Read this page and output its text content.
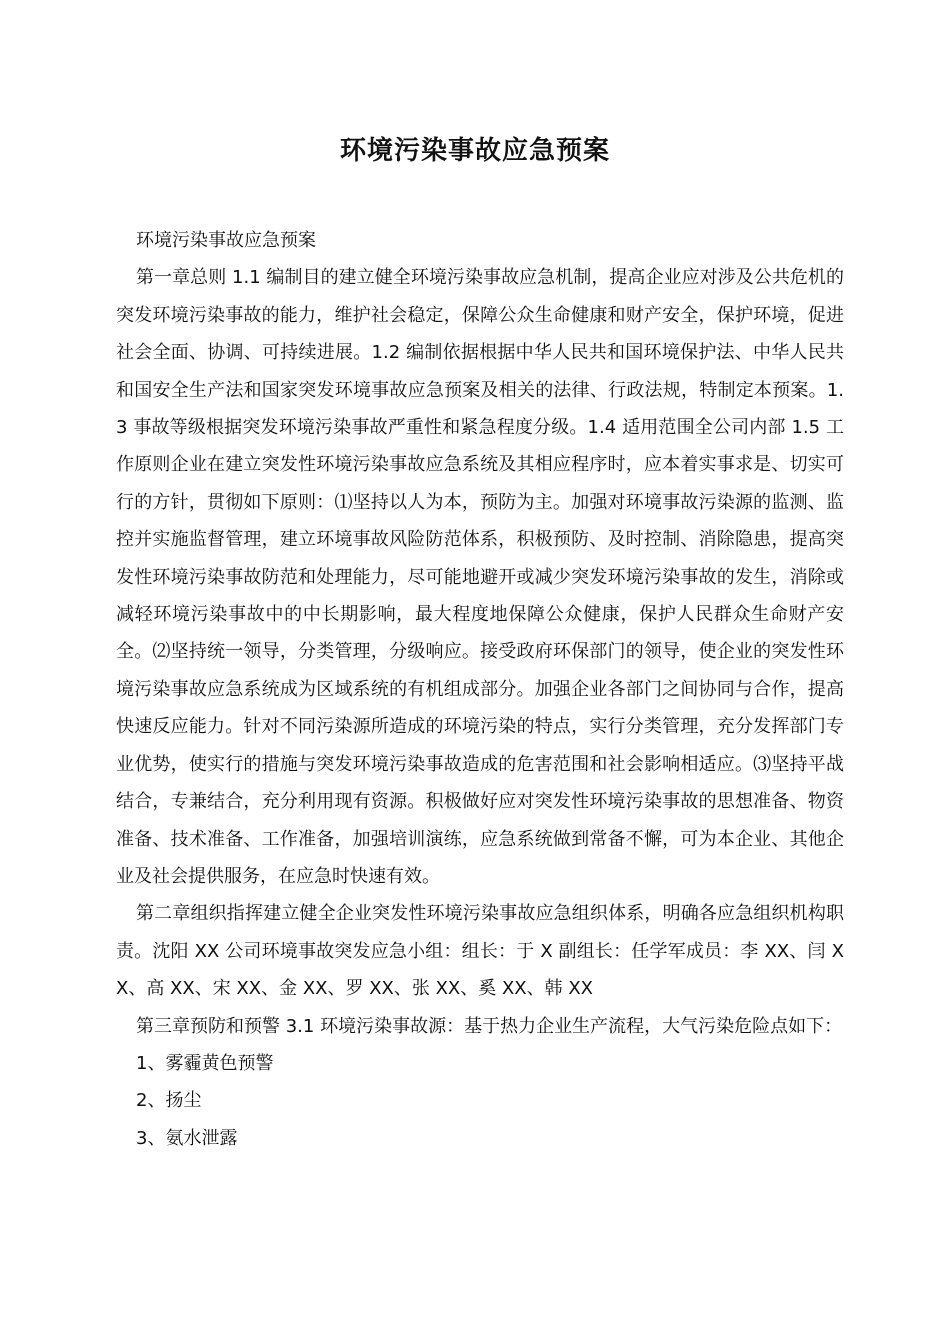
环境污染事故应急预案

环境污染事故应急预案

第一章总则 1.1 编制目的建立健全环境污染事故应急机制，提高企业应对涉及公共危机的突发环境污染事故的能力，维护社会稳定，保障公众生命健康和财产安全，保护环境，促进社会全面、协调、可持续进展。1.2 编制依据根据中华人民共和国环境保护法、中华人民共和国安全生产法和国家突发环境事故应急预案及相关的法律、行政法规，特制定本预案。1.3 事故等级根据突发环境污染事故严重性和紧急程度分级。1.4 适用范围全公司内部 1.5 工作原则企业在建立突发性环境污染事故应急系统及其相应程序时，应本着实事求是、切实可行的方针，贯彻如下原则：⑴坚持以人为本，预防为主。加强对环境事故污染源的监测、监控并实施监督管理，建立环境事故风险防范体系，积极预防、及时控制、消除隐患，提高突发性环境污染事故防范和处理能力，尽可能地避开或减少突发环境污染事故的发生，消除或减轻环境污染事故中的中长期影响，最大程度地保障公众健康，保护人民群众生命财产安全。⑵坚持统一领导，分类管理，分级响应。接受政府环保部门的领导，使企业的突发性环境污染事故应急系统成为区域系统的有机组成部分。加强企业各部门之间协同与合作，提高快速反应能力。针对不同污染源所造成的环境污染的特点，实行分类管理，充分发挥部门专业优势，使实行的措施与突发环境污染事故造成的危害范围和社会影响相适应。⑶坚持平战结合，专兼结合，充分利用现有资源。积极做好应对突发性环境污染事故的思想准备、物资准备、技术准备、工作准备，加强培训演练，应急系统做到常备不懈，可为本企业、其他企业及社会提供服务，在应急时快速有效。

第二章组织指挥建立健全企业突发性环境污染事故应急组织体系，明确各应急组织机构职责。沈阳 XX 公司环境事故突发应急小组：组长：于 X 副组长：任学军成员：李 XX、闫 XX、高 XX、宋 XX、金 XX、罗 XX、张 XX、奚 XX、韩 XX

第三章预防和预警 3.1 环境污染事故源：基于热力企业生产流程，大气污染危险点如下：

1、雾霾黄色预警
2、扬尘
3、氨水泄露
